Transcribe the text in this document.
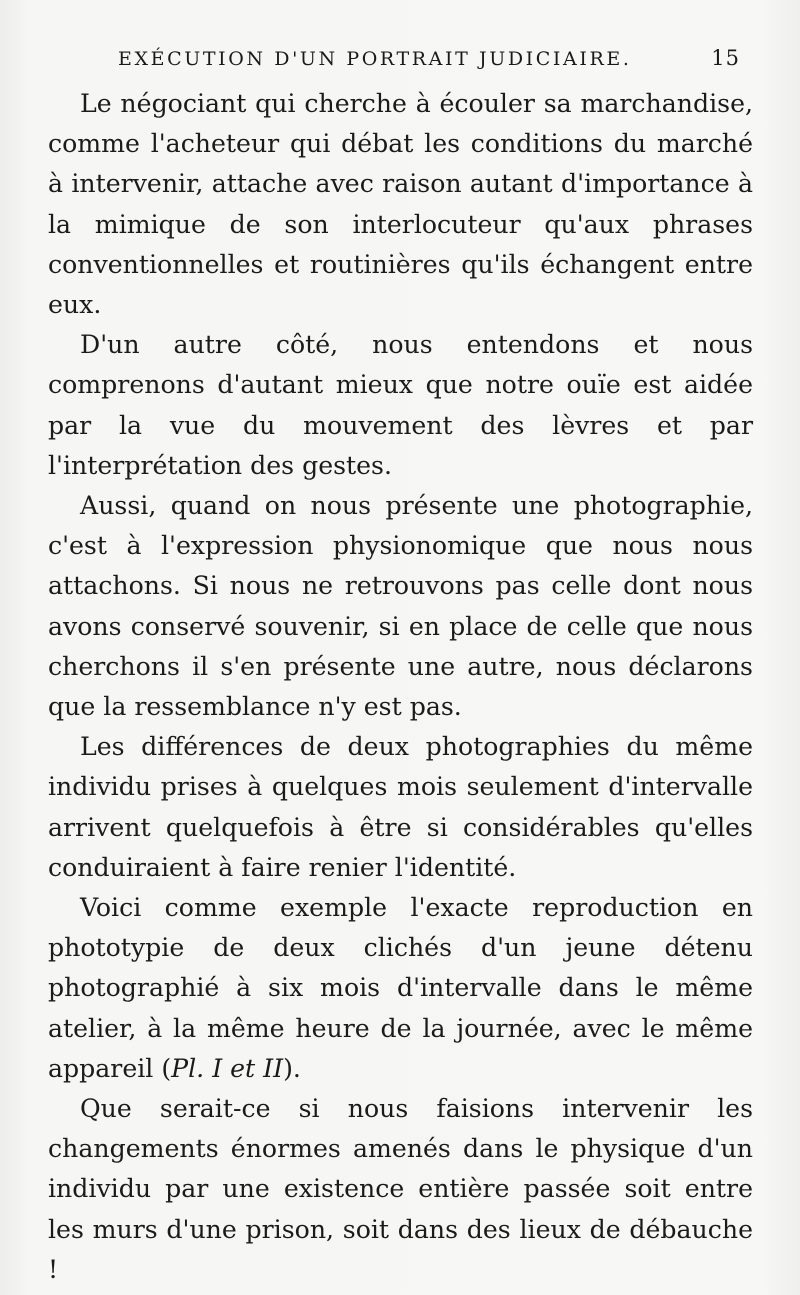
EXÉCUTION D'UN PORTRAIT JUDICIAIRE.	15

Le négociant qui cherche à écouler sa marchandise, comme l'acheteur qui débat les conditions du marché à intervenir, attache avec raison autant d'importance à la mimique de son interlocuteur qu'aux phrases conventionnelles et routinières qu'ils échangent entre eux.

D'un autre côté, nous entendons et nous comprenons d'autant mieux que notre ouïe est aidée par la vue du mouvement des lèvres et par l'interprétation des gestes.

Aussi, quand on nous présente une photographie, c'est à l'expression physionomique que nous nous attachons. Si nous ne retrouvons pas celle dont nous avons conservé souvenir, si en place de celle que nous cherchons il s'en présente une autre, nous déclarons que la ressemblance n'y est pas.

Les différences de deux photographies du même individu prises à quelques mois seulement d'intervalle arrivent quelquefois à être si considérables qu'elles conduiraient à faire renier l'identité.

Voici comme exemple l'exacte reproduction en phototypie de deux clichés d'un jeune détenu photographié à six mois d'intervalle dans le même atelier, à la même heure de la journée, avec le même appareil (Pl. I et II).

Que serait-ce si nous faisions intervenir les changements énormes amenés dans le physique d'un individu par une existence entière passée soit entre les murs d'une prison, soit dans des lieux de débauche !
